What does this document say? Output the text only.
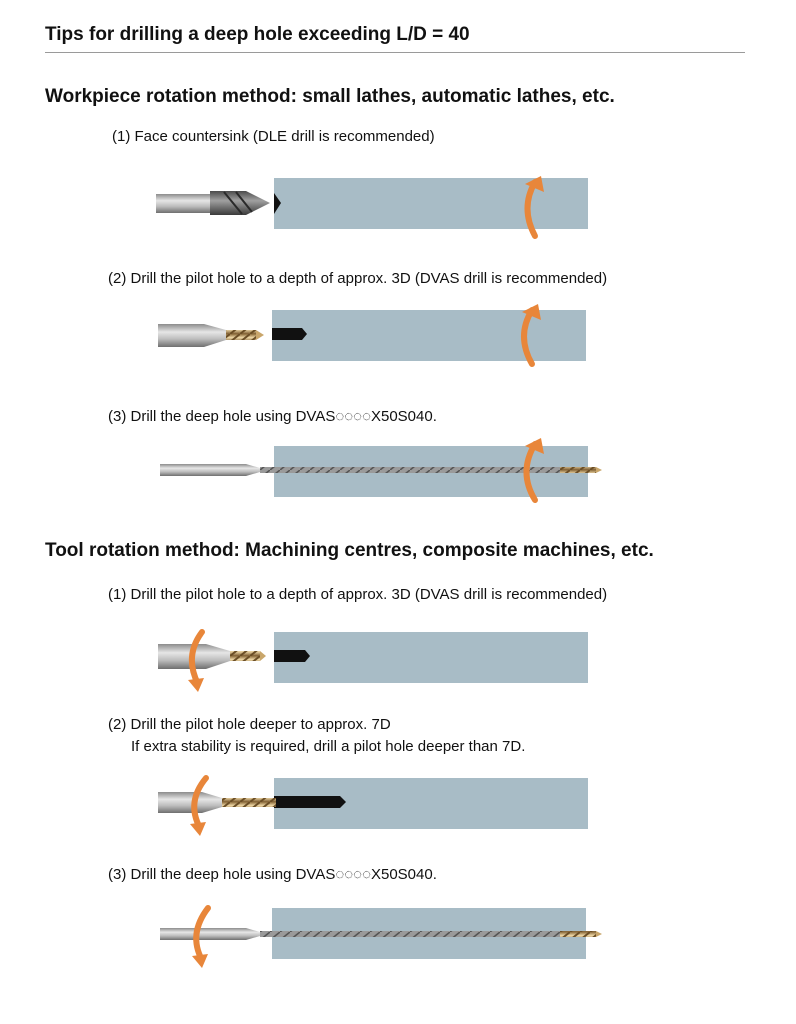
Tips for drilling a deep hole exceeding L/D = 40
Workpiece rotation method: small lathes, automatic lathes, etc.
(1) Face countersink (DLE drill is recommended)
(2) Drill the pilot hole to a depth of approx. 3D (DVAS drill is recommended)
(3) Drill the deep hole using DVAS◌◌◌◌X50S040.
Tool rotation method: Machining centres, composite machines, etc.
(1) Drill the pilot hole to a depth of approx. 3D (DVAS drill is recommended)
(2) Drill the pilot hole deeper to approx. 7D
If extra stability is required, drill a pilot hole deeper than 7D.
(3) Drill the deep hole using DVAS◌◌◌◌X50S040.
